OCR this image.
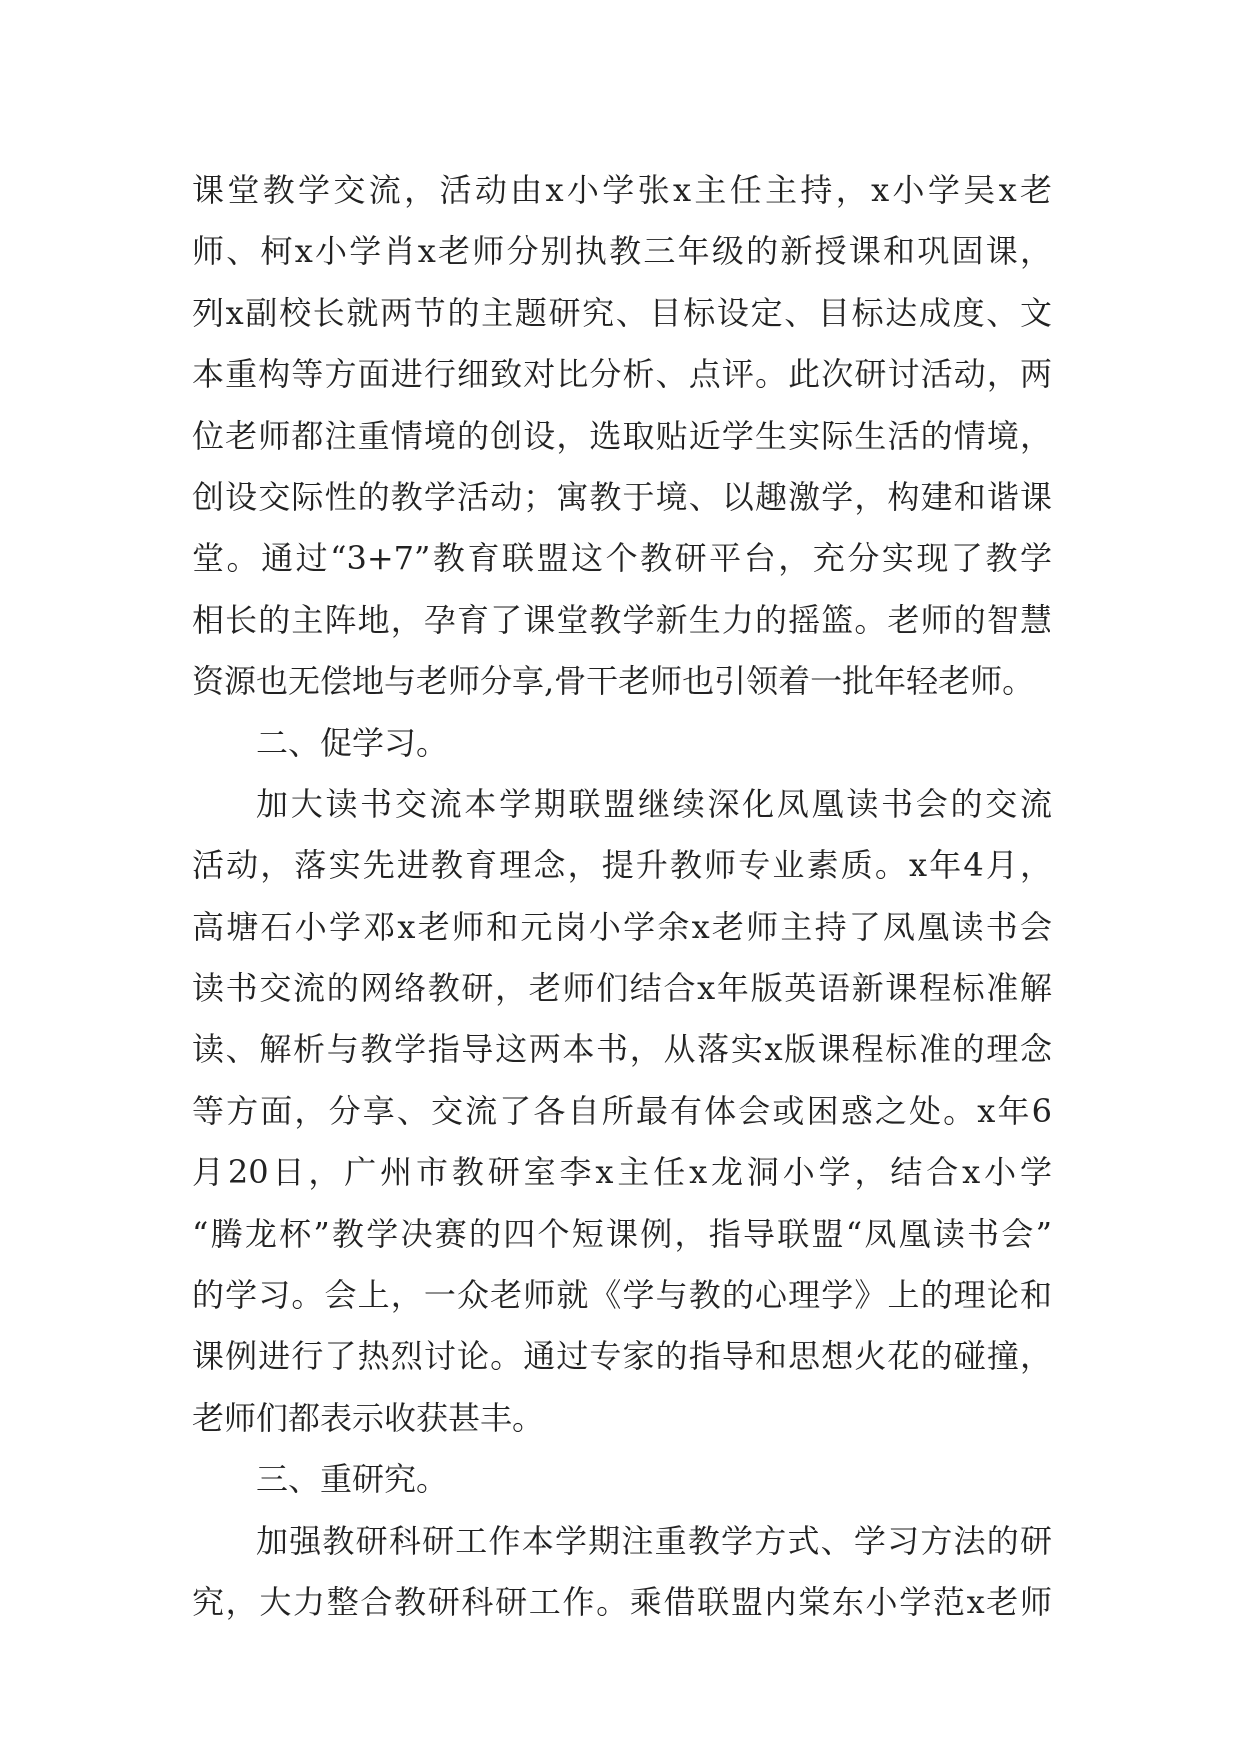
课堂教学交流，活动由x小学张x主任主持，x小学吴x老
师、柯x小学肖x老师分别执教三年级的新授课和巩固课，
列x副校长就两节的主题研究、目标设定、目标达成度、文
本重构等方面进行细致对比分析、点评。此次研讨活动，两
位老师都注重情境的创设，选取贴近学生实际生活的情境，
创设交际性的教学活动；寓教于境、以趣激学，构建和谐课
堂。通过“3+7”教育联盟这个教研平台，充分实现了教学
相长的主阵地，孕育了课堂教学新生力的摇篮。老师的智慧
资源也无偿地与老师分享,骨干老师也引领着一批年轻老师。
二、促学习。
加大读书交流本学期联盟继续深化凤凰读书会的交流
活动，落实先进教育理念，提升教师专业素质。x年4月，
高塘石小学邓x老师和元岗小学余x老师主持了凤凰读书会
读书交流的网络教研，老师们结合x年版英语新课程标准解
读、解析与教学指导这两本书，从落实x版课程标准的理念
等方面，分享、交流了各自所最有体会或困惑之处。x年6
月20日，广州市教研室李x主任x龙洞小学，结合x小学
“腾龙杯”教学决赛的四个短课例，指导联盟“凤凰读书会”
的学习。会上，一众老师就《学与教的心理学》上的理论和
课例进行了热烈讨论。通过专家的指导和思想火花的碰撞，
老师们都表示收获甚丰。
三、重研究。
加强教研科研工作本学期注重教学方式、学习方法的研
究，大力整合教研科研工作。乘借联盟内棠东小学范x老师
